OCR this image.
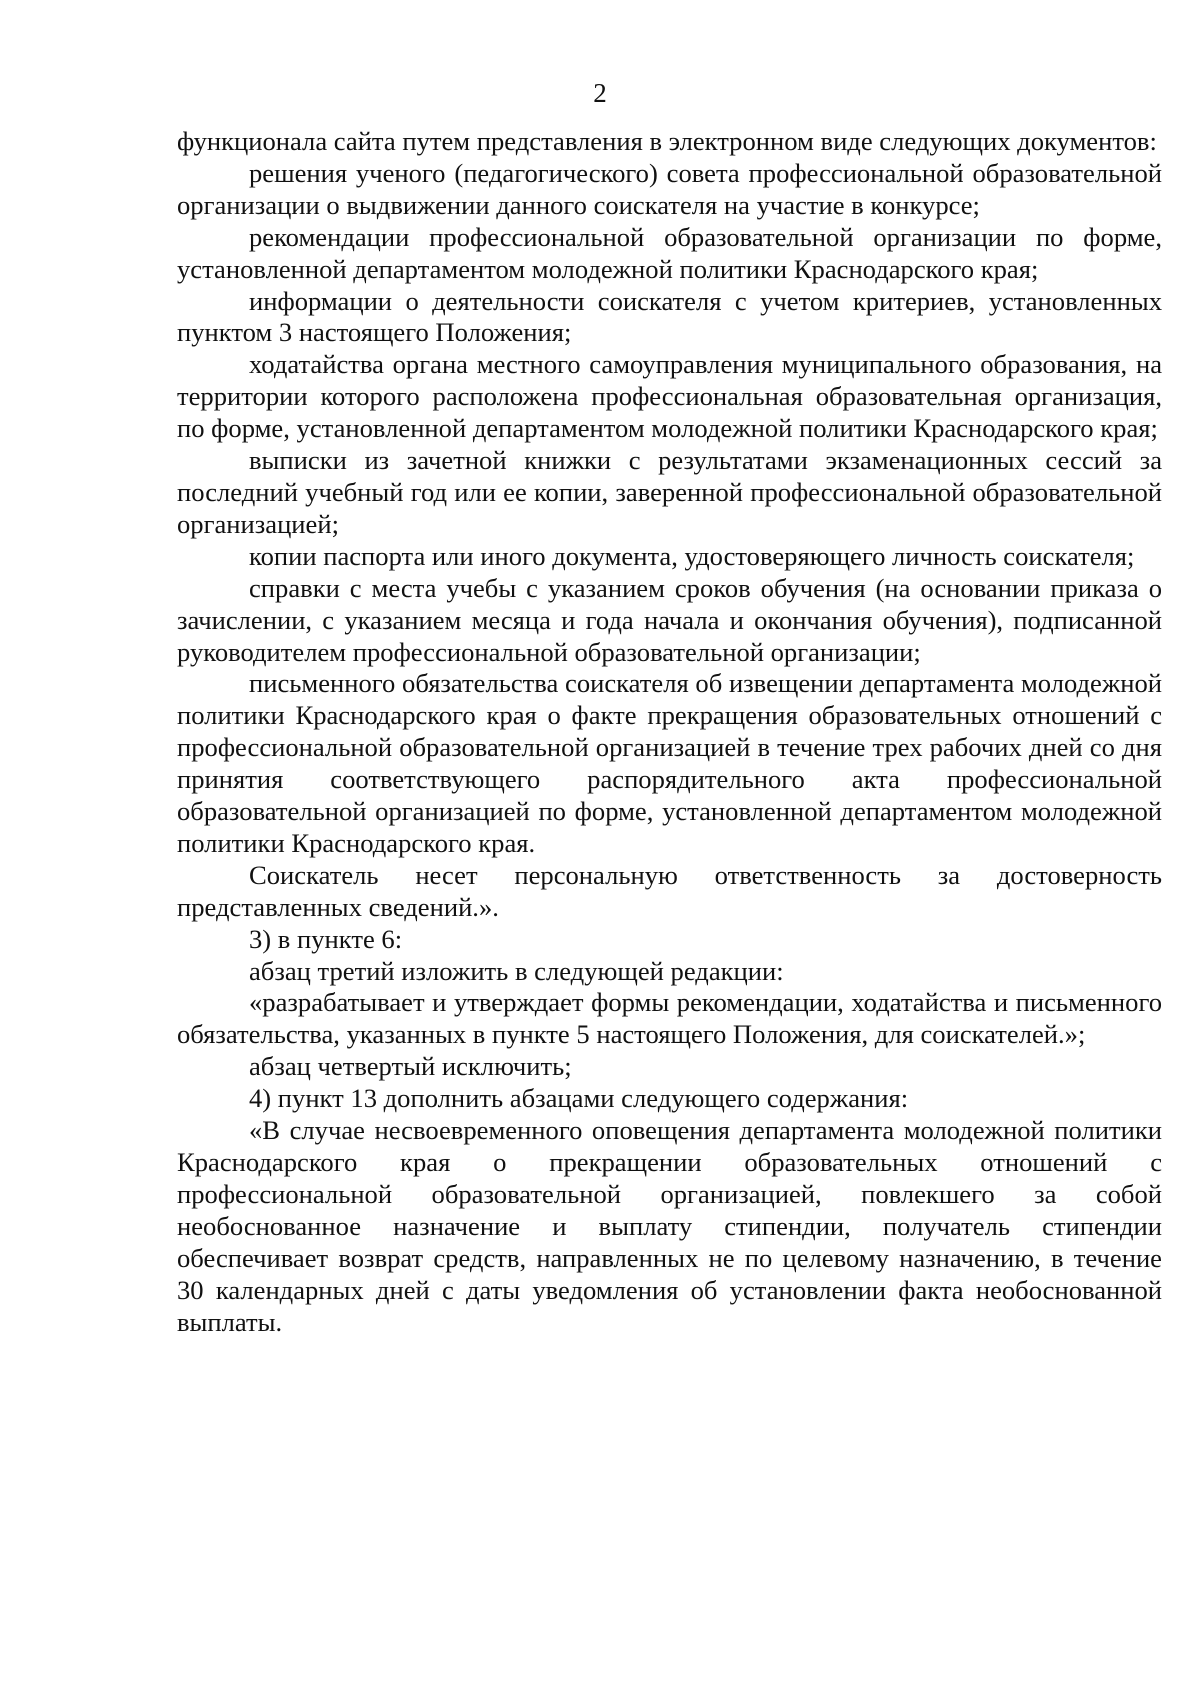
2

функционала сайта путем представления в электронном виде следующих документов:

решения ученого (педагогического) совета профессиональной образовательной организации о выдвижении данного соискателя на участие в конкурсе;

рекомендации профессиональной образовательной организации по форме, установленной департаментом молодежной политики Краснодарского края;

информации о деятельности соискателя с учетом критериев, установленных пунктом 3 настоящего Положения;

ходатайства органа местного самоуправления муниципального образования, на территории которого расположена профессиональная образовательная организация, по форме, установленной департаментом молодежной политики Краснодарского края;

выписки из зачетной книжки с результатами экзаменационных сессий за последний учебный год или ее копии, заверенной профессиональной образовательной организацией;

копии паспорта или иного документа, удостоверяющего личность соискателя;

справки с места учебы с указанием сроков обучения (на основании приказа о зачислении, с указанием месяца и года начала и окончания обучения), подписанной руководителем профессиональной образовательной организации;

письменного обязательства соискателя об извещении департамента молодежной политики Краснодарского края о факте прекращения образовательных отношений с профессиональной образовательной организацией в течение трех рабочих дней со дня принятия соответствующего распорядительного акта профессиональной образовательной организацией по форме, установленной департаментом молодежной политики Краснодарского края.

Соискатель несет персональную ответственность за достоверность представленных сведений.».

3) в пункте 6:

абзац третий изложить в следующей редакции:

«разрабатывает и утверждает формы рекомендации, ходатайства и письменного обязательства, указанных в пункте 5 настоящего Положения, для соискателей.»;

абзац четвертый исключить;

4) пункт 13 дополнить абзацами следующего содержания:

«В случае несвоевременного оповещения департамента молодежной политики Краснодарского края о прекращении образовательных отношений с профессиональной образовательной организацией, повлекшего за собой необоснованное назначение и выплату стипендии, получатель стипендии обеспечивает возврат средств, направленных не по целевому назначению, в течение 30 календарных дней с даты уведомления об установлении факта необоснованной выплаты.
